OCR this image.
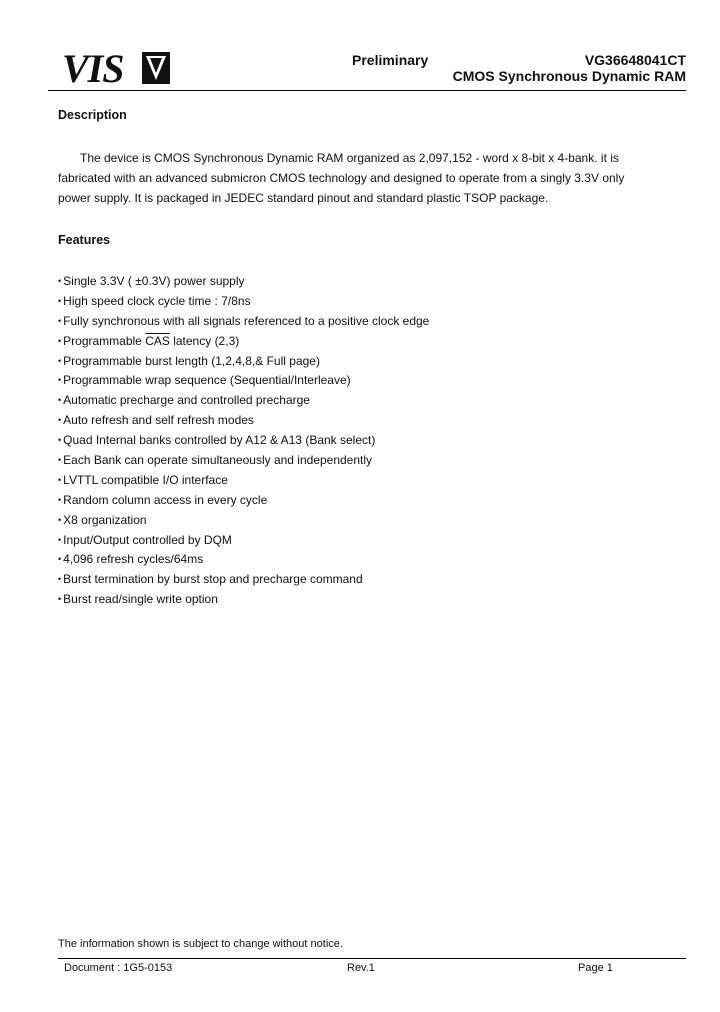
VIS	Preliminary	VG36648041CT
CMOS Synchronous Dynamic RAM
Description
The device is CMOS Synchronous Dynamic RAM organized as 2,097,152 - word x 8-bit x 4-bank. it is
fabricated with an advanced submicron CMOS technology and designed to operate from a singly 3.3V only
power supply. It is packaged in JEDEC standard pinout and standard plastic TSOP package.
Features
• Single 3.3V ( ±0.3V) power supply
• High speed clock cycle time : 7/8ns
• Fully synchronous with all signals referenced to a positive clock edge
• Programmable $\overline{CAS}$ latency (2,3)
• Programmable burst length (1,2,4,8,& Full page)
• Programmable wrap sequence (Sequential/Interleave)
• Automatic precharge and controlled precharge
• Auto refresh and self refresh modes
• Quad Internal banks controlled by A12 & A13 (Bank select)
• Each Bank can operate simultaneously and independently
• LVTTL compatible I/O interface
• Random column access in every cycle
• X8 organization
• Input/Output controlled by DQM
• 4,096 refresh cycles/64ms
• Burst termination by burst stop and precharge command
• Burst read/single write option
The information shown is subject to change without notice.
Document : 1G5-0153	Rev.1	Page 1
